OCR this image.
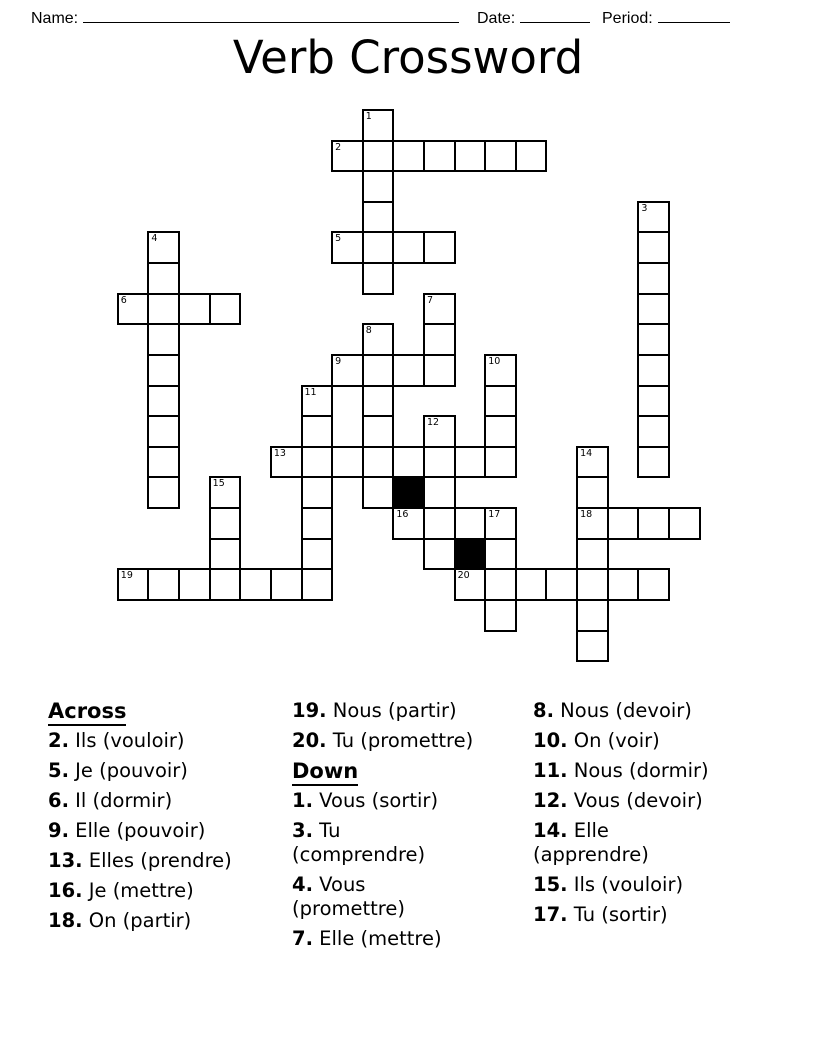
Name:	Date:	Period:
Verb Crossword
1
2
3
4	5
6	7
8
9	10
11
12
13	14
18
15
16	17
19	20
Across
2. Ils (vouloir)
5. Je (pouvoir)
6. Il (dormir)
9. Elle (pouvoir)
13. Elles (prendre)
16. Je (mettre)
18. On (partir)
19. Nous (partir)
20. Tu (promettre)
Down
1. Vous (sortir)
3. Tu
(comprendre)
4. Vous
(promettre)
7. Elle (mettre)
8. Nous (devoir)
10. On (voir)
11. Nous (dormir)
12. Vous (devoir)
14. Elle
(apprendre)
15. Ils (vouloir)
17. Tu (sortir)
